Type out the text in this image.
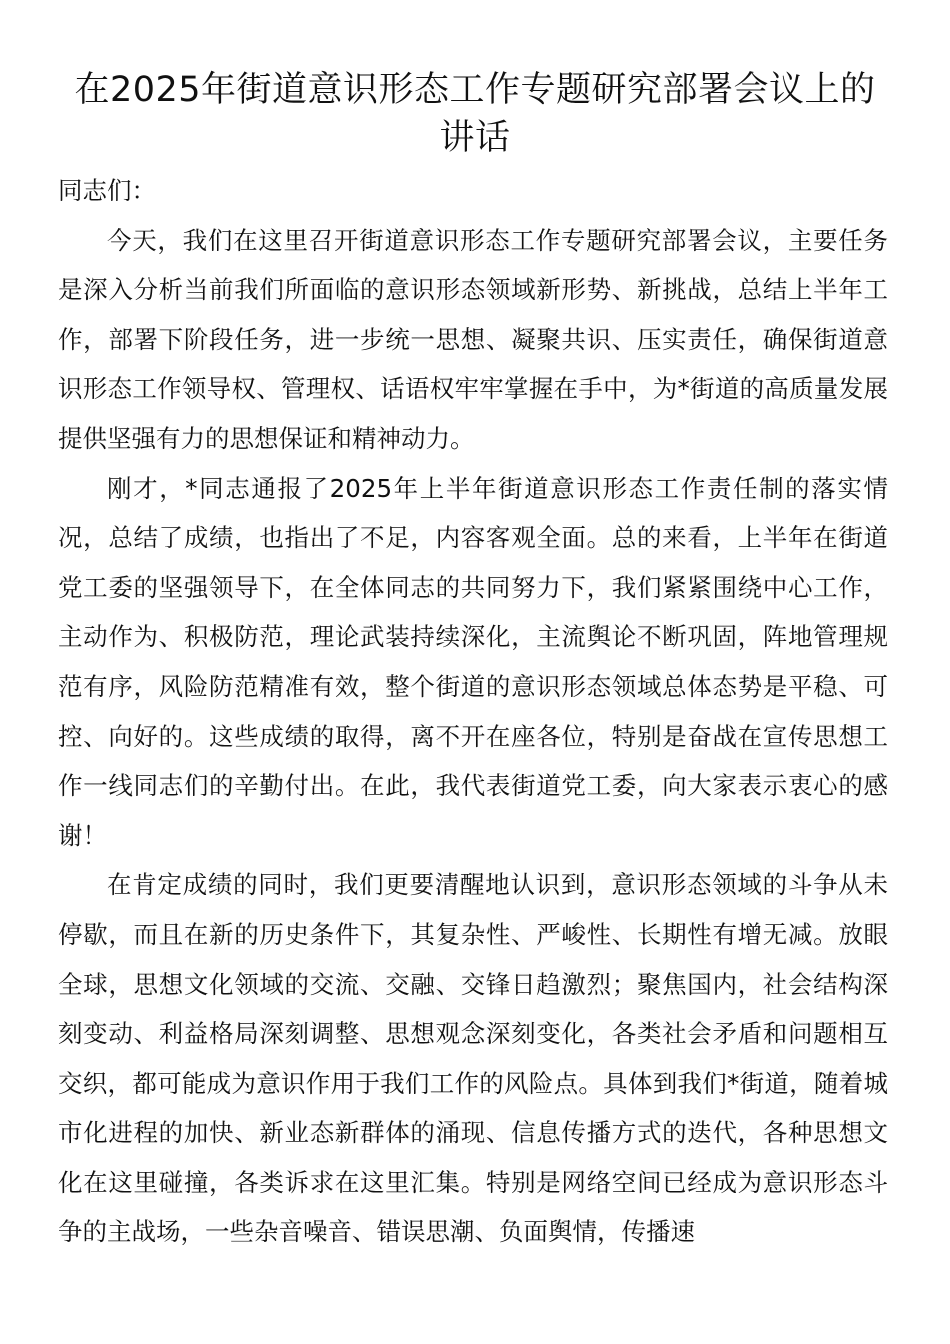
在2025年街道意识形态工作专题研究部署会议上的讲话

同志们：

今天，我们在这里召开街道意识形态工作专题研究部署会议，主要任务是深入分析当前我们所面临的意识形态领域新形势、新挑战，总结上半年工作，部署下阶段任务，进一步统一思想、凝聚共识、压实责任，确保街道意识形态工作领导权、管理权、话语权牢牢掌握在手中，为*街道的高质量发展提供坚强有力的思想保证和精神动力。

刚才，*同志通报了2025年上半年街道意识形态工作责任制的落实情况，总结了成绩，也指出了不足，内容客观全面。总的来看，上半年在街道党工委的坚强领导下，在全体同志的共同努力下，我们紧紧围绕中心工作，主动作为、积极防范，理论武装持续深化，主流舆论不断巩固，阵地管理规范有序，风险防范精准有效，整个街道的意识形态领域总体态势是平稳、可控、向好的。这些成绩的取得，离不开在座各位，特别是奋战在宣传思想工作一线同志们的辛勤付出。在此，我代表街道党工委，向大家表示衷心的感谢！

在肯定成绩的同时，我们更要清醒地认识到，意识形态领域的斗争从未停歇，而且在新的历史条件下，其复杂性、严峻性、长期性有增无减。放眼全球，思想文化领域的交流、交融、交锋日趋激烈；聚焦国内，社会结构深刻变动、利益格局深刻调整、思想观念深刻变化，各类社会矛盾和问题相互交织，都可能成为意识作用于我们工作的风险点。具体到我们*街道，随着城市化进程的加快、新业态新群体的涌现、信息传播方式的迭代，各种思想文化在这里碰撞，各类诉求在这里汇集。特别是网络空间已经成为意识形态斗争的主战场，一些杂音噪音、错误思潮、负面舆情，传播速
